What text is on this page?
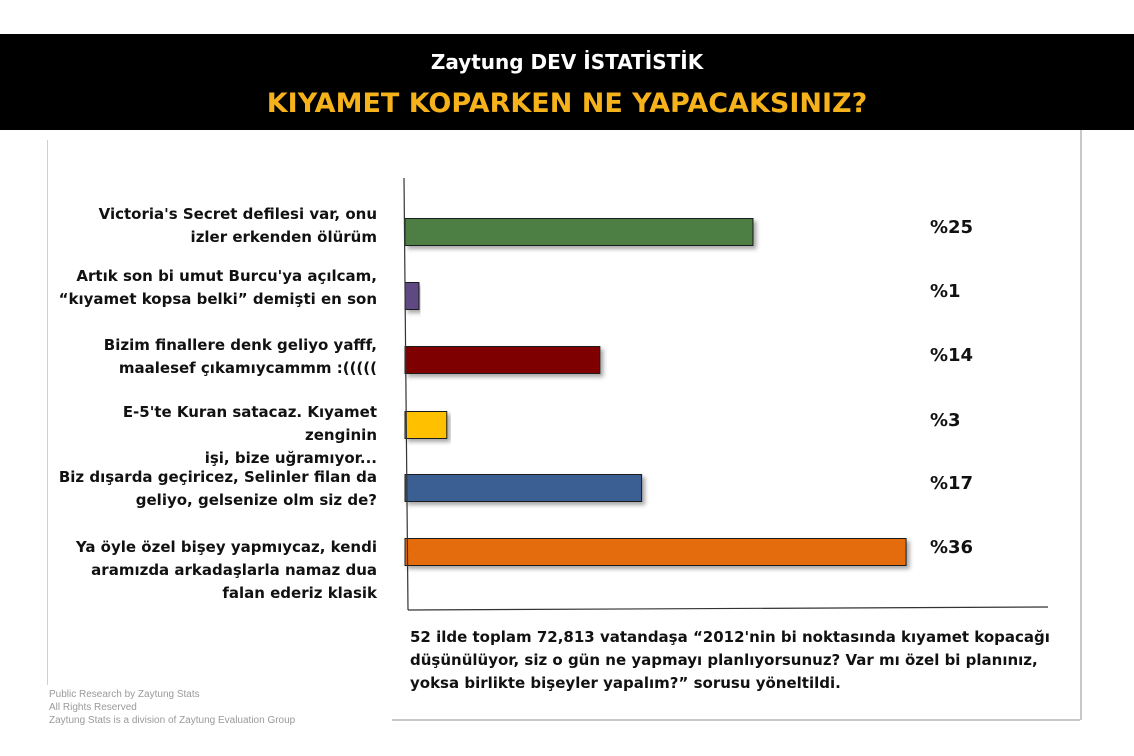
Zaytung DEV İSTATİSTİK
KIYAMET KOPARKEN NE YAPACAKSINIZ?
Victoria's Secret defilesi var, onu
izler erkenden ölürüm
Artık son bi umut Burcu'ya açılcam,
“kıyamet kopsa belki” demişti en son
Bizim finallere denk geliyo yafff,
maalesef çıkamıycammm :(((((
E-5'te Kuran satacaz. Kıyamet zenginin
işi, bize uğramıyor...
Biz dışarda geçiricez, Selinler filan da
geliyo, gelsenize olm siz de?
Ya öyle özel bişey yapmıycaz, kendi
aramızda arkadaşlarla namaz dua
falan ederiz klasik
%25
%1
%14
%3
%17
%36
52 ilde toplam 72,813 vatandaşa “2012'nin bi noktasında kıyamet kopacağı düşünülüyor, siz o gün ne yapmayı planlıyorsunuz? Var mı özel bi planınız, yoksa birlikte bişeyler yapalım?” sorusu yöneltildi.
Public Research by Zaytung Stats
All Rights Reserved
Zaytung Stats is a division of Zaytung Evaluation Group
